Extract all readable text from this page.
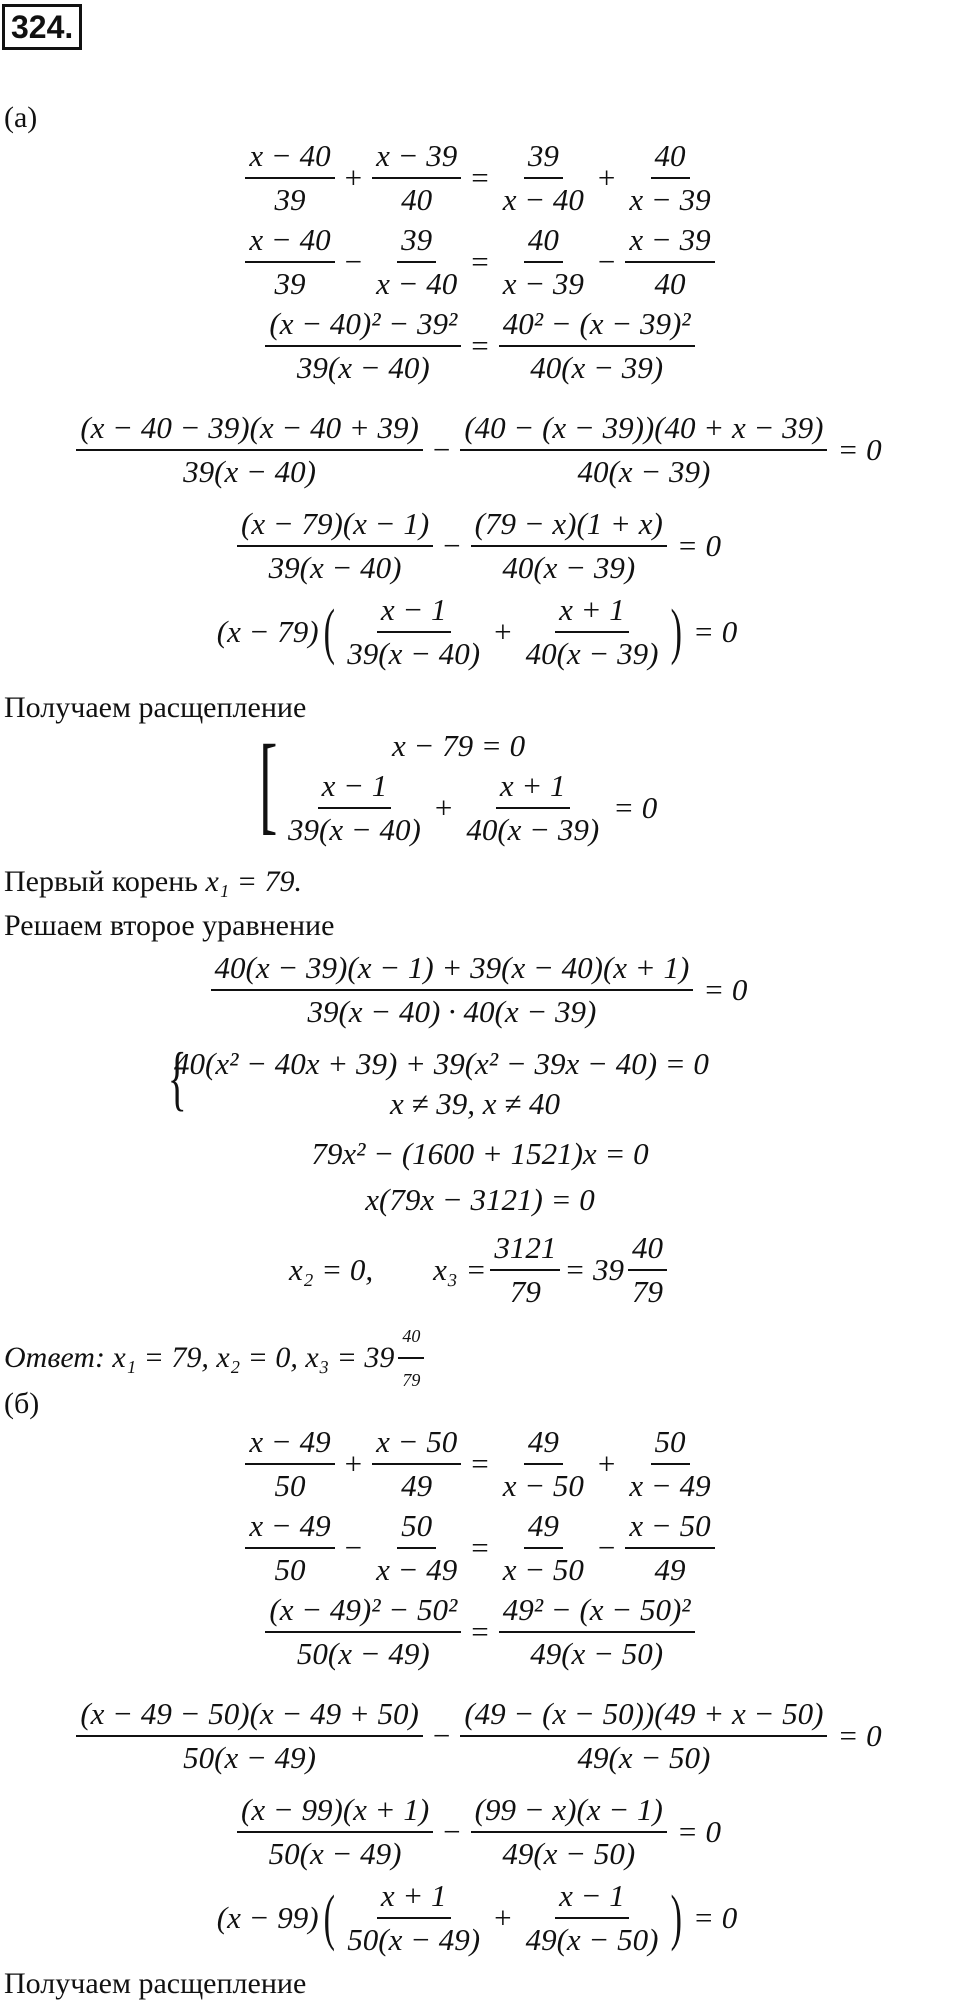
324.
(а)
$\frac{x - 40}{39} + \frac{x - 39}{40} = \frac{39}{x - 40} + \frac{40}{x - 39}$
$\frac{x - 40}{39} - \frac{39}{x - 40} = \frac{40}{x - 39} - \frac{x - 39}{40}$
$\frac{\text{(x − 40)² − 39²}}{39(x - 40)} = \frac{\text{40² − (x − 39)²}}{40(x - 39)}$
$\frac{(x - 40 - 39)(x - 40 + 39)}{39(x - 40)} - \frac{(40 - (x - 39))(40 + x - 39)}{40(x - 39)} = 0$
$\frac{(x - 79)(x - 1)}{39(x - 40)} - \frac{(79 - x)(1 + x)}{40(x - 39)} = 0$
(x − 79) ( $\frac{x - 1}{39(x - 40)} + \frac{x + 1}{40(x - 39)}$ ) = 0
Получаем расщепление
[	x − 79 = 0
$\frac{x - 1}{39(x - 40)} + \frac{x + 1}{40(x - 39)} = 0$
Первый корень x₁ = 79.
Решаем второе уравнение
$\frac{40(x - 39)(x - 1) + 39(x - 40)(x + 1)}{39(x - 40) \cdot 40(x - 39)} = 0$
{
40(x² − 40x + 39) + 39(x² − 39x − 40) = 0
x ≠ 39, x ≠ 40
79x² − (1600 + 1521)x = 0
x(79x − 3121) = 0
x₂ = 0, $x_3 = \frac{3121}{79} = 39 \frac{40}{79}$
Ответ : x₁ = 79, x₂ = 0, $x_3 = 39 \frac{40}{79}$
(б)
$\frac{x - 49}{50} + \frac{x - 50}{49} = \frac{49}{x - 50} + \frac{50}{x - 49}$
$\frac{x - 49}{50} - \frac{50}{x - 49} = \frac{49}{x - 50} - \frac{x - 50}{49}$
$\frac{\text{(x − 49)² − 50²}}{50(x - 49)} = \frac{\text{49² − (x − 50)²}}{49(x - 50)}$
$\frac{(x - 49 - 50)(x - 49 + 50)}{50(x - 49)} - \frac{(49 - (x - 50))(49 + x - 50)}{49(x - 50)} = 0$
$\frac{(x - 99)(x + 1)}{50(x - 49)} - \frac{(99 - x)(x - 1)}{49(x - 50)} = 0$
(x − 99) ( $\frac{x + 1}{50(x - 49)} + \frac{x - 1}{49(x - 50)}$ ) = 0
Получаем расщепление
